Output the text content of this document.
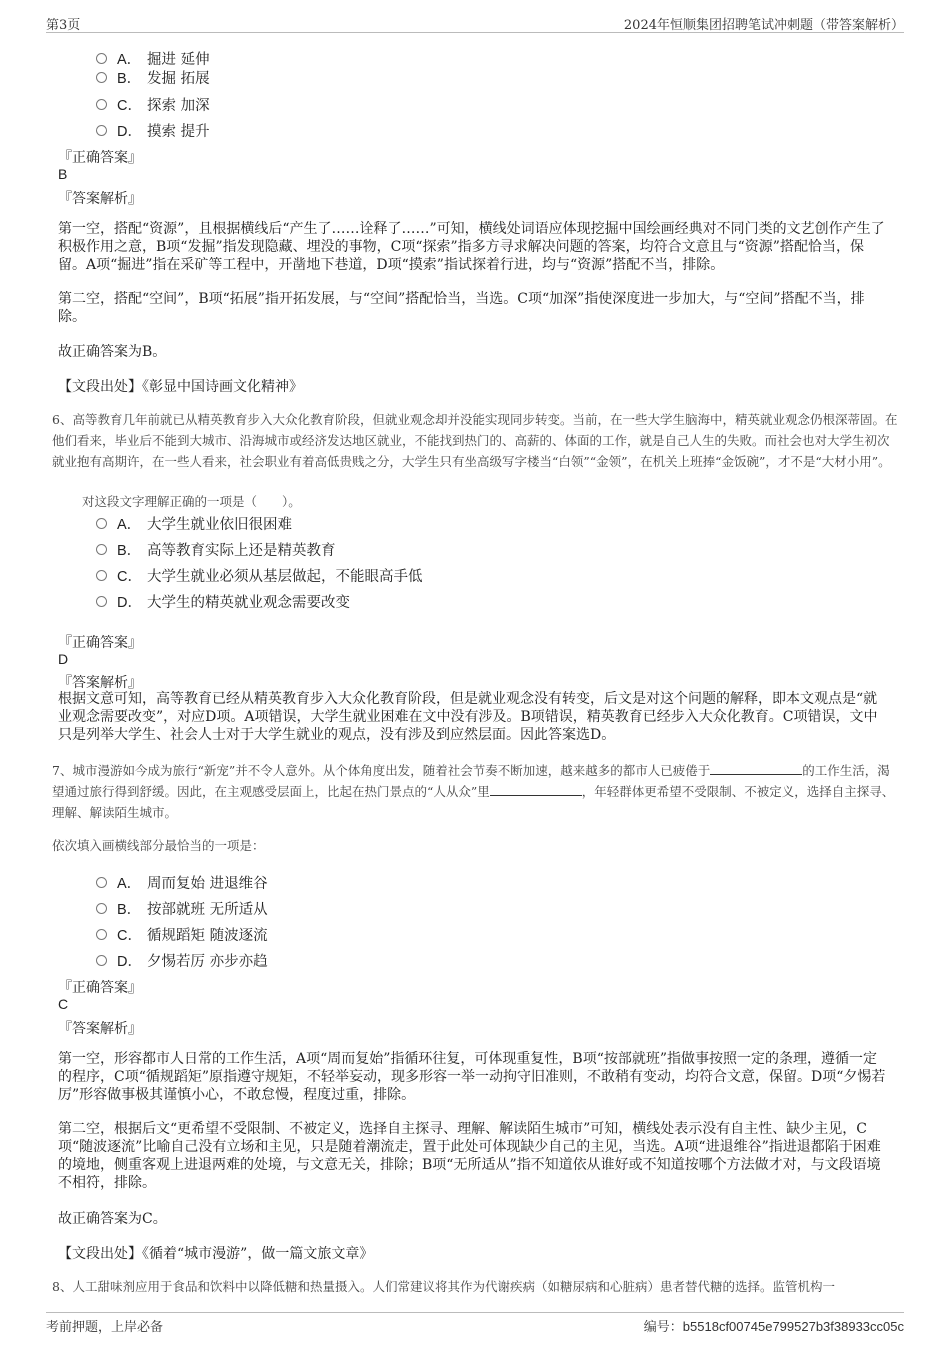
第3页	2024年恒顺集团招聘笔试冲刺题（带答案解析）
A． 掘进 延伸
B． 发掘 拓展
C． 探索 加深
D． 摸索 提升
『正确答案』
B
『答案解析』
第一空，搭配“资源”，且根据横线后“产生了……诠释了……”可知，横线处词语应体现挖掘中国绘画经典对不同门类的文艺创作产生了积极作用之意，B项“发掘”指发现隐藏、埋没的事物，C项“探索”指多方寻求解决问题的答案，均符合文意且与“资源”搭配恰当，保留。A项“掘进”指在采矿等工程中，开凿地下巷道，D项“摸索”指试探着行进，均与“资源”搭配不当，排除。
第二空，搭配“空间”，B项“拓展”指开拓发展，与“空间”搭配恰当，当选。C项“加深”指使深度进一步加大，与“空间”搭配不当，排除。
故正确答案为B。
【文段出处】《彰显中国诗画文化精神》
6、高等教育几年前就已从精英教育步入大众化教育阶段，但就业观念却并没能实现同步转变。当前，在一些大学生脑海中，精英就业观念仍根深蒂固。在他们看来，毕业后不能到大城市、沿海城市或经济发达地区就业，不能找到热门的、高薪的、体面的工作，就是自己人生的失败。而社会也对大学生初次就业抱有高期许，在一些人看来，社会职业有着高低贵贱之分，大学生只有坐高级写字楼当“白领”“金领”，在机关上班捧“金饭碗”，才不是“大材小用”。
对这段文字理解正确的一项是（　　）。
A． 大学生就业依旧很困难
B． 高等教育实际上还是精英教育
C． 大学生就业必须从基层做起，不能眼高手低
D． 大学生的精英就业观念需要改变
『正确答案』
D
『答案解析』
根据文意可知，高等教育已经从精英教育步入大众化教育阶段，但是就业观念没有转变，后文是对这个问题的解释，即本文观点是“就业观念需要改变”，对应D项。A项错误，大学生就业困难在文中没有涉及。B项错误，精英教育已经步入大众化教育。C项错误，文中只是列举大学生、社会人士对于大学生就业的观点，没有涉及到应然层面。因此答案选D。
7、城市漫游如今成为旅行“新宠”并不令人意外。从个体角度出发，随着社会节奏不断加速，越来越多的都市人已疲倦于	的工作生活，渴望通过旅行得到舒缓。因此，在主观感受层面上，比起在热门景点的“人从众”里	，年轻群体更希望不受限制、不被定义，选择自主探寻、理解、解读陌生城市。
依次填入画横线部分最恰当的一项是：
A． 周而复始 进退维谷
B． 按部就班 无所适从
C． 循规蹈矩 随波逐流
D． 夕惕若厉 亦步亦趋
『正确答案』
C
『答案解析』
第一空，形容都市人日常的工作生活，A项“周而复始”指循环往复，可体现重复性，B项“按部就班”指做事按照一定的条理，遵循一定的程序，C项“循规蹈矩”原指遵守规矩，不轻举妄动，现多形容一举一动拘守旧准则，不敢稍有变动，均符合文意，保留。D项“夕惕若厉”形容做事极其谨慎小心，不敢怠慢，程度过重，排除。
第二空，根据后文“更希望不受限制、不被定义，选择自主探寻、理解、解读陌生城市”可知，横线处表示没有自主性、缺少主见，C项“随波逐流”比喻自己没有立场和主见，只是随着潮流走，置于此处可体现缺少自己的主见，当选。A项“进退维谷”指进退都陷于困难的境地，侧重客观上进退两难的处境，与文意无关，排除；B项“无所适从”指不知道依从谁好或不知道按哪个方法做才对，与文段语境不相符，排除。
故正确答案为C。
【文段出处】《循着“城市漫游”，做一篇文旅文章》
8、人工甜味剂应用于食品和饮料中以降低糖和热量摄入。人们常建议将其作为代谢疾病（如糖尿病和心脏病）患者替代糖的选择。监管机构一
考前押题，上岸必备	编号：b5518cf00745e799527b3f38933cc05c
